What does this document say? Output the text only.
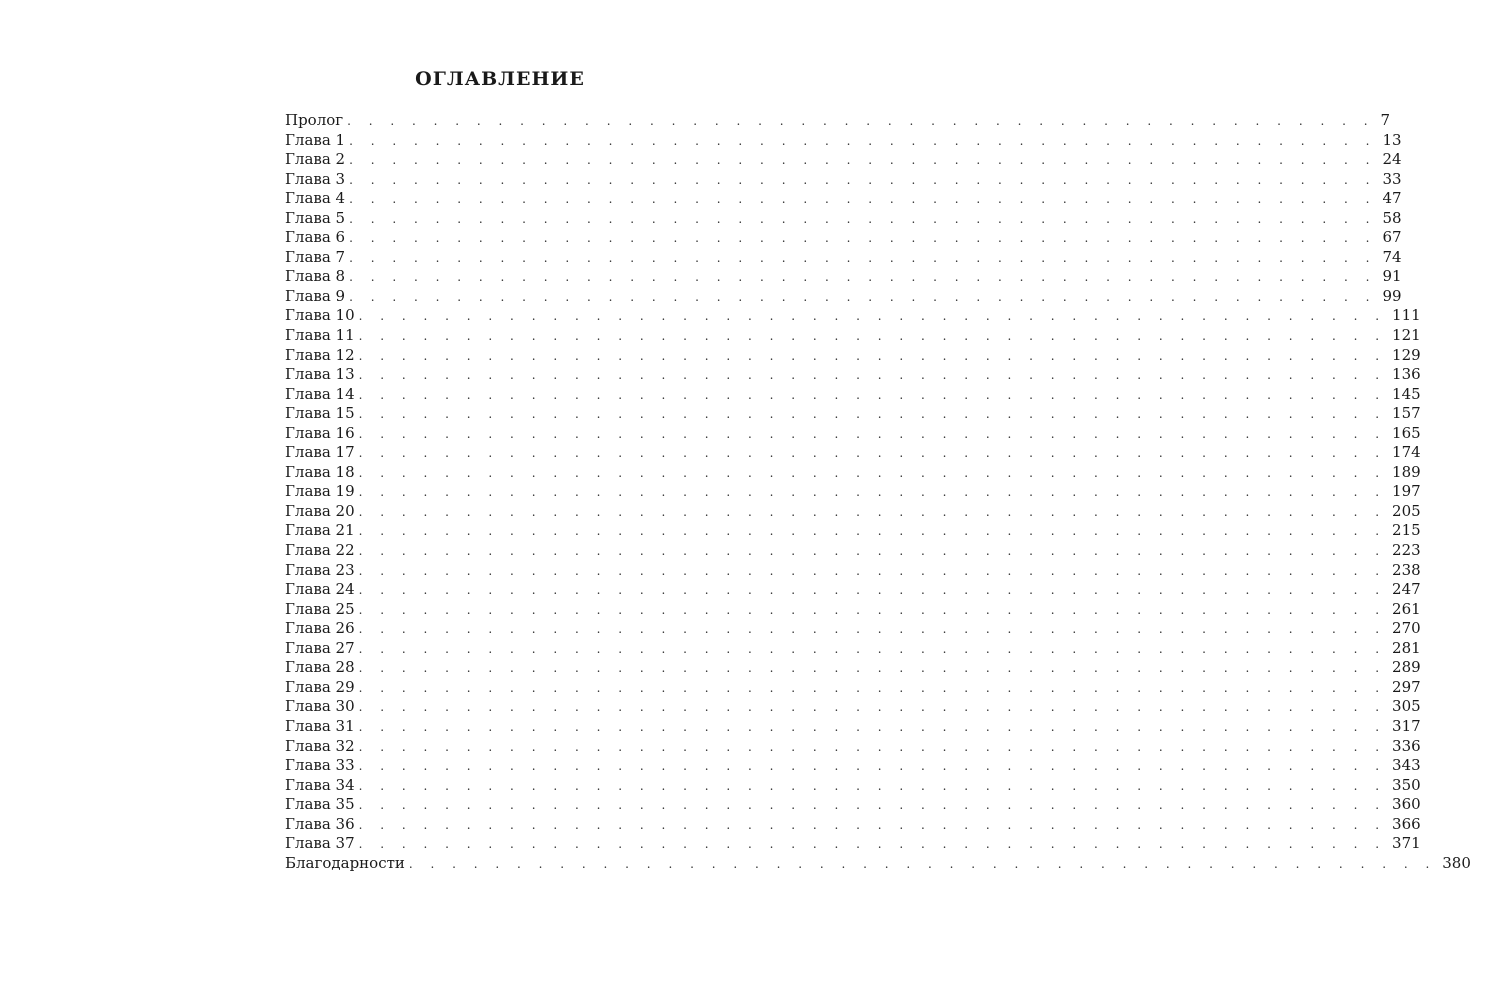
ОГЛАВЛЕНИЕ
Пролог . . . . . . . . . . . . . . . . . . . . . . . . . . . . . . . . . . . . . . . . . . . . . . . . 7
Глава 1 . . . . . . . . . . . . . . . . . . . . . . . . . . . . . . . . . . . . . . . . . . . . . . . . 13
Глава 2 . . . . . . . . . . . . . . . . . . . . . . . . . . . . . . . . . . . . . . . . . . . . . . . . 24
Глава 3 . . . . . . . . . . . . . . . . . . . . . . . . . . . . . . . . . . . . . . . . . . . . . . . . 33
Глава 4 . . . . . . . . . . . . . . . . . . . . . . . . . . . . . . . . . . . . . . . . . . . . . . . . 47
Глава 5 . . . . . . . . . . . . . . . . . . . . . . . . . . . . . . . . . . . . . . . . . . . . . . . . 58
Глава 6 . . . . . . . . . . . . . . . . . . . . . . . . . . . . . . . . . . . . . . . . . . . . . . . . 67
Глава 7 . . . . . . . . . . . . . . . . . . . . . . . . . . . . . . . . . . . . . . . . . . . . . . . . 74
Глава 8 . . . . . . . . . . . . . . . . . . . . . . . . . . . . . . . . . . . . . . . . . . . . . . . . 91
Глава 9 . . . . . . . . . . . . . . . . . . . . . . . . . . . . . . . . . . . . . . . . . . . . . . . . 99
Глава 10 . . . . . . . . . . . . . . . . . . . . . . . . . . . . . . . . . . . . . . . . . . . . . . . . 111
Глава 11 . . . . . . . . . . . . . . . . . . . . . . . . . . . . . . . . . . . . . . . . . . . . . . . . 121
Глава 12 . . . . . . . . . . . . . . . . . . . . . . . . . . . . . . . . . . . . . . . . . . . . . . . . 129
Глава 13 . . . . . . . . . . . . . . . . . . . . . . . . . . . . . . . . . . . . . . . . . . . . . . . . 136
Глава 14 . . . . . . . . . . . . . . . . . . . . . . . . . . . . . . . . . . . . . . . . . . . . . . . . 145
Глава 15 . . . . . . . . . . . . . . . . . . . . . . . . . . . . . . . . . . . . . . . . . . . . . . . . 157
Глава 16 . . . . . . . . . . . . . . . . . . . . . . . . . . . . . . . . . . . . . . . . . . . . . . . . 165
Глава 17 . . . . . . . . . . . . . . . . . . . . . . . . . . . . . . . . . . . . . . . . . . . . . . . . 174
Глава 18 . . . . . . . . . . . . . . . . . . . . . . . . . . . . . . . . . . . . . . . . . . . . . . . . 189
Глава 19 . . . . . . . . . . . . . . . . . . . . . . . . . . . . . . . . . . . . . . . . . . . . . . . . 197
Глава 20 . . . . . . . . . . . . . . . . . . . . . . . . . . . . . . . . . . . . . . . . . . . . . . . . 205
Глава 21 . . . . . . . . . . . . . . . . . . . . . . . . . . . . . . . . . . . . . . . . . . . . . . . . 215
Глава 22 . . . . . . . . . . . . . . . . . . . . . . . . . . . . . . . . . . . . . . . . . . . . . . . . 223
Глава 23 . . . . . . . . . . . . . . . . . . . . . . . . . . . . . . . . . . . . . . . . . . . . . . . . 238
Глава 24 . . . . . . . . . . . . . . . . . . . . . . . . . . . . . . . . . . . . . . . . . . . . . . . . 247
Глава 25 . . . . . . . . . . . . . . . . . . . . . . . . . . . . . . . . . . . . . . . . . . . . . . . . 261
Глава 26 . . . . . . . . . . . . . . . . . . . . . . . . . . . . . . . . . . . . . . . . . . . . . . . . 270
Глава 27 . . . . . . . . . . . . . . . . . . . . . . . . . . . . . . . . . . . . . . . . . . . . . . . . 281
Глава 28 . . . . . . . . . . . . . . . . . . . . . . . . . . . . . . . . . . . . . . . . . . . . . . . . 289
Глава 29 . . . . . . . . . . . . . . . . . . . . . . . . . . . . . . . . . . . . . . . . . . . . . . . . 297
Глава 30 . . . . . . . . . . . . . . . . . . . . . . . . . . . . . . . . . . . . . . . . . . . . . . . . 305
Глава 31 . . . . . . . . . . . . . . . . . . . . . . . . . . . . . . . . . . . . . . . . . . . . . . . . 317
Глава 32 . . . . . . . . . . . . . . . . . . . . . . . . . . . . . . . . . . . . . . . . . . . . . . . . 336
Глава 33 . . . . . . . . . . . . . . . . . . . . . . . . . . . . . . . . . . . . . . . . . . . . . . . . 343
Глава 34 . . . . . . . . . . . . . . . . . . . . . . . . . . . . . . . . . . . . . . . . . . . . . . . . 350
Глава 35 . . . . . . . . . . . . . . . . . . . . . . . . . . . . . . . . . . . . . . . . . . . . . . . . 360
Глава 36 . . . . . . . . . . . . . . . . . . . . . . . . . . . . . . . . . . . . . . . . . . . . . . . . 366
Глава 37 . . . . . . . . . . . . . . . . . . . . . . . . . . . . . . . . . . . . . . . . . . . . . . . . 371
Благодарности . . . . . . . . . . . . . . . . . . . . . . . . . . . . . . . . . . . . . . . . . . . . . . . . 380
